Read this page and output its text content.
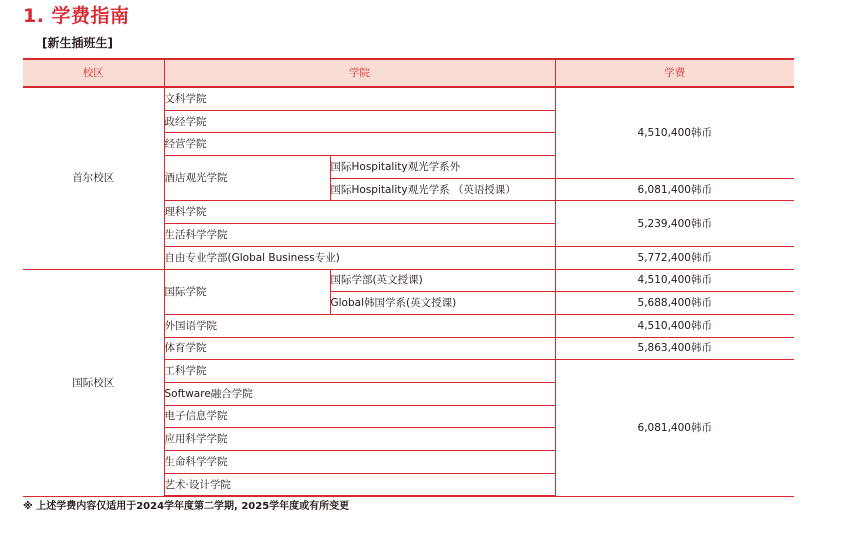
1. 学费指南
[新生插班生]
校区	学院		学费
首尔校区	文科学院		4,510,400韩币
	政经学院		
	经营学院		
	酒店观光学院	国际Hospitality观光学系外	
		国际Hospitality观光学系 （英语授课）	6,081,400韩币
	理科学院		5,239,400韩币
	生活科学学院		
	自由专业学部(Global Business专业)		5,772,400韩币
国际校区	国际学院	国际学部(英文授课)	4,510,400韩币
		Global韩国学系(英文授课)	5,688,400韩币
	外国语学院		4,510,400韩币
	体育学院		5,863,400韩币
	工科学院		6,081,400韩币
	Software融合学院		
	电子信息学院		
	应用科学学院		
	生命科学学院		
	艺术·设计学院		
※ 上述学费内容仅适用于2024学年度第二学期, 2025学年度或有所变更
